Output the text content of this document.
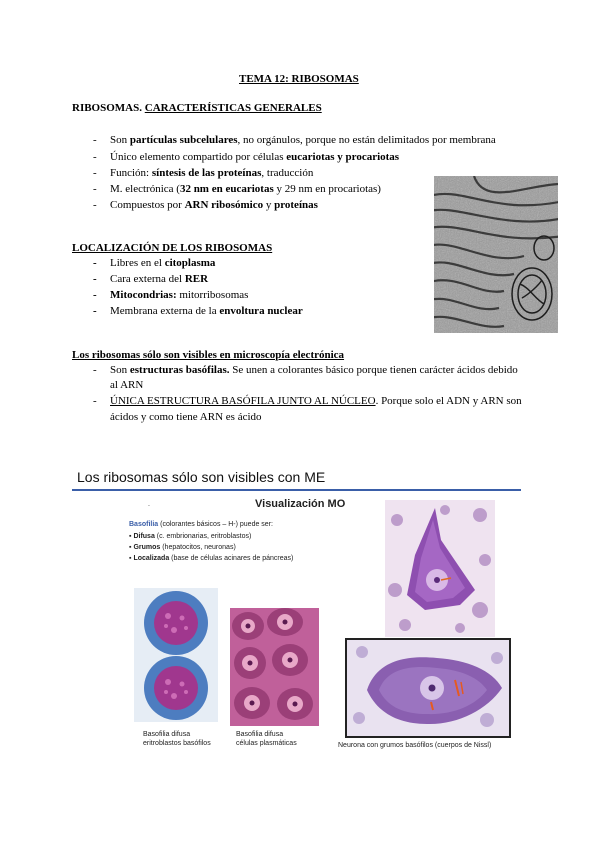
TEMA 12: RIBOSOMAS
RIBOSOMAS. CARACTERÍSTICAS GENERALES
- Son partículas subcelulares, no orgánulos, porque no están delimitados por membrana
- Único elemento compartido por células eucariotas y procariotas
- Función: síntesis de las proteínas, traducción
- M. electrónica (32 nm en eucariotas y 29 nm en procariotas)
- Compuestos por ARN ribosómico y proteínas
LOCALIZACIÓN DE LOS RIBOSOMAS
- Libres en el citoplasma
- Cara externa del RER
- Mitocondrias: mitorribosomas
- Membrana externa de la envoltura nuclear
Los ribosomas sólo son visibles en microscopía electrónica
- Son estructuras basófilas. Se unen a colorantes básico porque tienen carácter ácidos debido
al ARN
- ÚNICA ESTRUCTURA BASÓFILA JUNTO AL NÚCLEO. Porque solo el ADN y ARN son
ácidos y como tiene ARN es ácido
Los ribosomas sólo son visibles con ME
.	Visualización MO
Basofilia (colorantes básicos – H-) puede ser:
▪ Difusa (c. embrionarias, eritroblastos)
▪ Grumos (hepatocitos, neuronas)
▪ Localizada (base de células acinares de páncreas)
Basofilia difusa
eritroblastos basófilos
Basofilia difusa
células plasmáticas	Neurona con grumos basófilos (cuerpos de Nissl)
